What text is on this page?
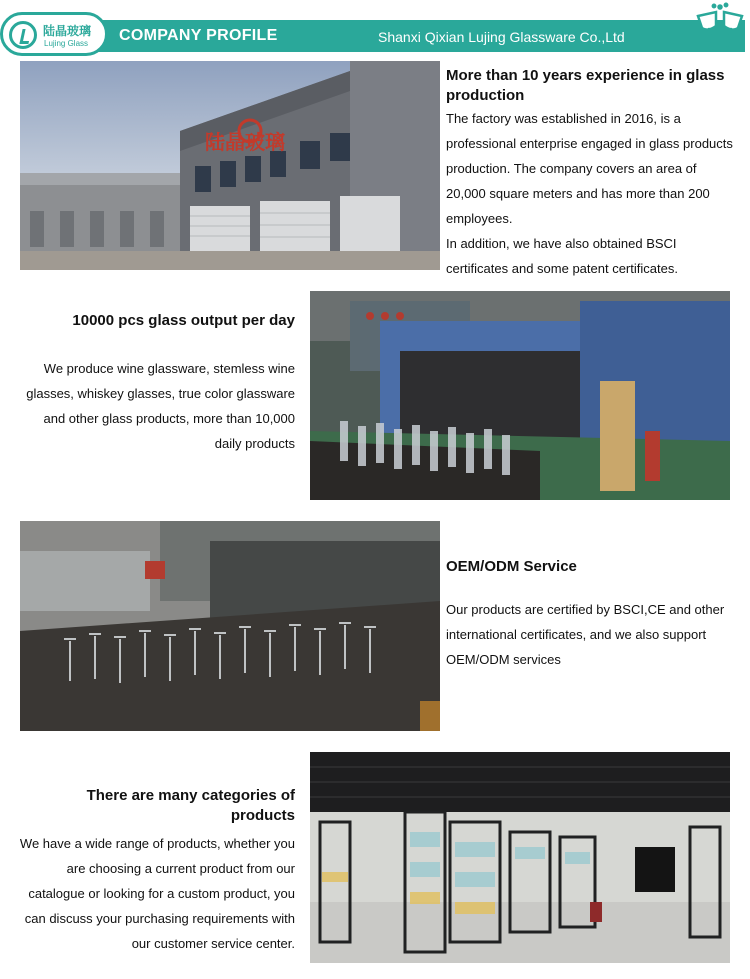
陆晶玻璃
Lujing Glass COMPANY PROFILE	Shanxi Qixian Lujing Glassware Co.,Ltd
陆晶玻璃
More than 10 years experience in glass production
The factory was established in 2016, is a professional enterprise engaged in glass products production. The company covers an area of 20,000 square meters and has more than 200 employees.
In addition, we have also obtained BSCI certificates and some patent certificates.
10000 pcs glass output per day
We produce wine glassware, stemless wine glasses, whiskey glasses, true color glassware and other glass products, more than 10,000 daily products
OEM/ODM Service
Our products are certified by BSCI,CE and other international certificates, and we also support OEM/ODM services
There are many categories of products
We have a wide range of products, whether you are choosing a current product from our catalogue or looking for a custom product, you can discuss your purchasing requirements with our customer service center.
